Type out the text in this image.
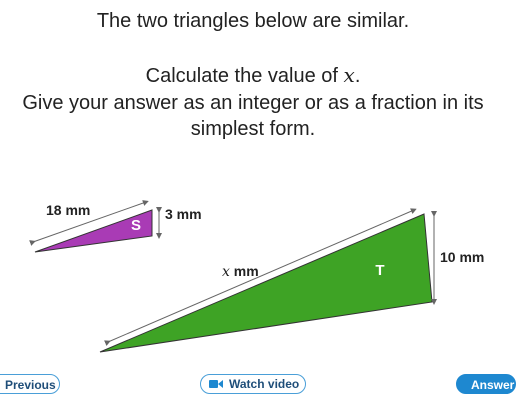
The two triangles below are similar.
Calculate the value of x.
Give your answer as an integer or as a fraction in its
simplest form.
S
18 mm	3 mm
T
x mm
10 mm
Previous	Watch video	Answer
